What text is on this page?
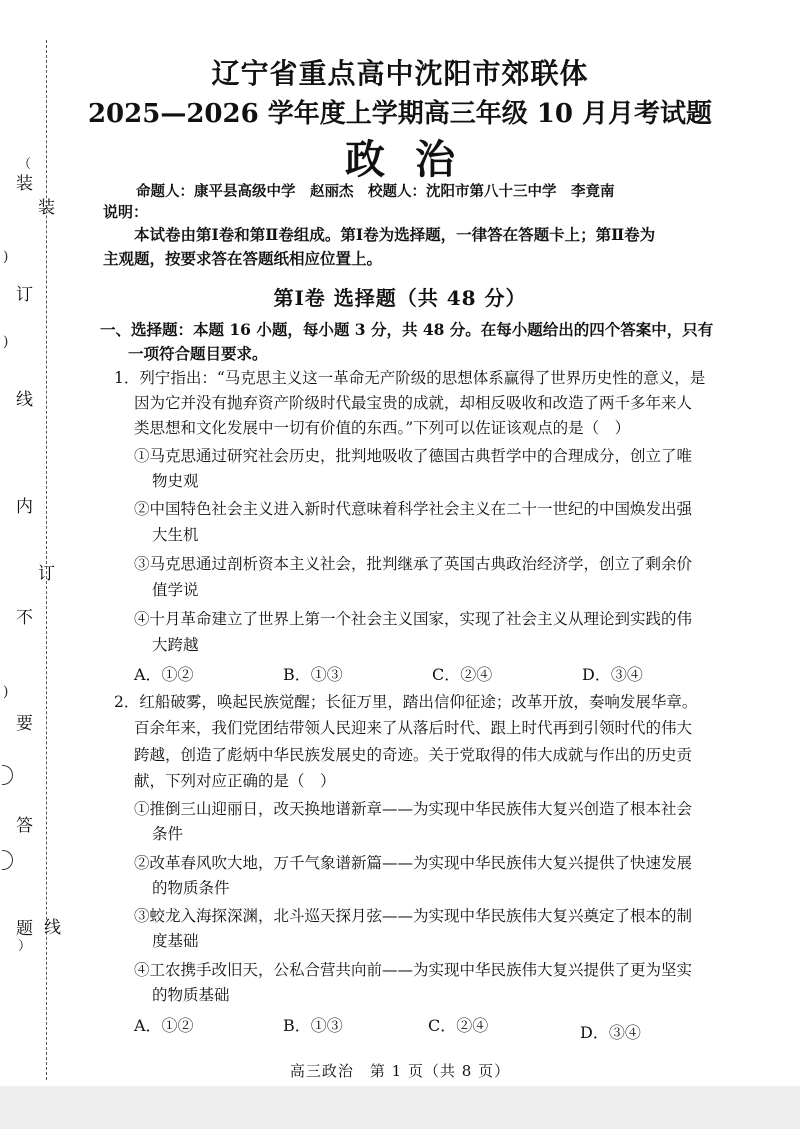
（
装
订
线
内
不
要
答
题
）
装
订
线
)
)
)
辽宁省重点高中沈阳市郊联体
2025—2026 学年度上学期高三年级 10 月月考试题
政治
命题人：康平县高级中学　赵丽杰　校题人：沈阳市第八十三中学　李竟南
说明：
本试卷由第Ⅰ卷和第Ⅱ卷组成。第Ⅰ卷为选择题，一律答在答题卡上；第Ⅱ卷为
主观题，按要求答在答题纸相应位置上。
第Ⅰ卷 选择题（共 48 分）
一、选择题：本题 16 小题，每小题 3 分，共 48 分。在每小题给出的四个答案中，只有
一项符合题目要求。
1．列宁指出：“马克思主义这一革命无产阶级的思想体系赢得了世界历史性的意义，是
因为它并没有抛弃资产阶级时代最宝贵的成就，却相反吸收和改造了两千多年来人
类思想和文化发展中一切有价值的东西。”下列可以佐证该观点的是（　）
①马克思通过研究社会历史，批判地吸收了德国古典哲学中的合理成分，创立了唯
物史观
②中国特色社会主义进入新时代意味着科学社会主义在二十一世纪的中国焕发出强
大生机
③马克思通过剖析资本主义社会，批判继承了英国古典政治经济学，创立了剩余价
值学说
④十月革命建立了世界上第一个社会主义国家，实现了社会主义从理论到实践的伟
大跨越
A．①②	B．①③	C．②④	D．③④
2．红船破雾，唤起民族觉醒；长征万里，踏出信仰征途；改革开放，奏响发展华章。
百余年来，我们党团结带领人民迎来了从落后时代、跟上时代再到引领时代的伟大
跨越，创造了彪炳中华民族发展史的奇迹。关于党取得的伟大成就与作出的历史贡
献，下列对应正确的是（　）
①推倒三山迎丽日，改天换地谱新章——为实现中华民族伟大复兴创造了根本社会
条件
②改革春风吹大地，万千气象谱新篇——为实现中华民族伟大复兴提供了快速发展
的物质条件
③蛟龙入海探深渊，北斗巡天探月弦——为实现中华民族伟大复兴奠定了根本的制
度基础
④工农携手改旧天，公私合营共向前——为实现中华民族伟大复兴提供了更为坚实
的物质基础
A．①②	B．①③	C．②④	D．③④
高三政治　第 1 页（共 8 页）
